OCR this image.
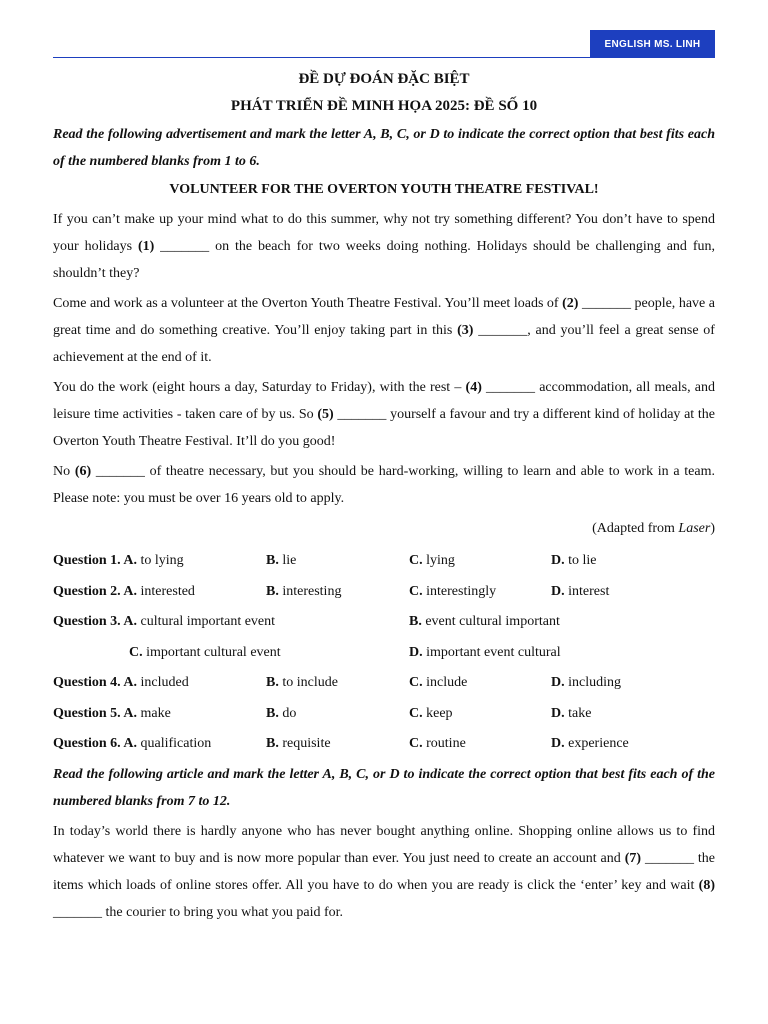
ENGLISH MS. LINH
ĐỀ DỰ ĐOÁN ĐẶC BIỆT
PHÁT TRIỂN ĐỀ MINH HỌA 2025: ĐỀ SỐ 10
Read the following advertisement and mark the letter A, B, C, or D to indicate the correct option that best fits each of the numbered blanks from 1 to 6.
VOLUNTEER FOR THE OVERTON YOUTH THEATRE FESTIVAL!
If you can’t make up your mind what to do this summer, why not try something different? You don’t have to spend your holidays (1) _______ on the beach for two weeks doing nothing. Holidays should be challenging and fun, shouldn’t they?
Come and work as a volunteer at the Overton Youth Theatre Festival. You’ll meet loads of (2) _______ people, have a great time and do something creative. You’ll enjoy taking part in this (3) _______, and you’ll feel a great sense of achievement at the end of it.
You do the work (eight hours a day, Saturday to Friday), with the rest – (4) _______ accommodation, all meals, and leisure time activities - taken care of by us. So (5) _______ yourself a favour and try a different kind of holiday at the Overton Youth Theatre Festival. It’ll do you good!
No (6) _______ of theatre necessary, but you should be hard-working, willing to learn and able to work in a team. Please note: you must be over 16 years old to apply.
(Adapted from Laser)
Question 1. A. to lying	B. lie	C. lying	D. to lie
Question 2. A. interested	B. interesting	C. interestingly	D. interest
Question 3. A. cultural important event	B. event cultural important
C. important cultural event	D. important event cultural
Question 4. A. included	B. to include	C. include	D. including
Question 5. A. make	B. do	C. keep	D. take
Question 6. A. qualification	B. requisite	C. routine	D. experience
Read the following article and mark the letter A, B, C, or D to indicate the correct option that best fits each of the numbered blanks from 7 to 12.
In today’s world there is hardly anyone who has never bought anything online. Shopping online allows us to find whatever we want to buy and is now more popular than ever. You just need to create an account and (7) _______ the items which loads of online stores offer. All you have to do when you are ready is click the ‘enter’ key and wait (8) _______ the courier to bring you what you paid for.
